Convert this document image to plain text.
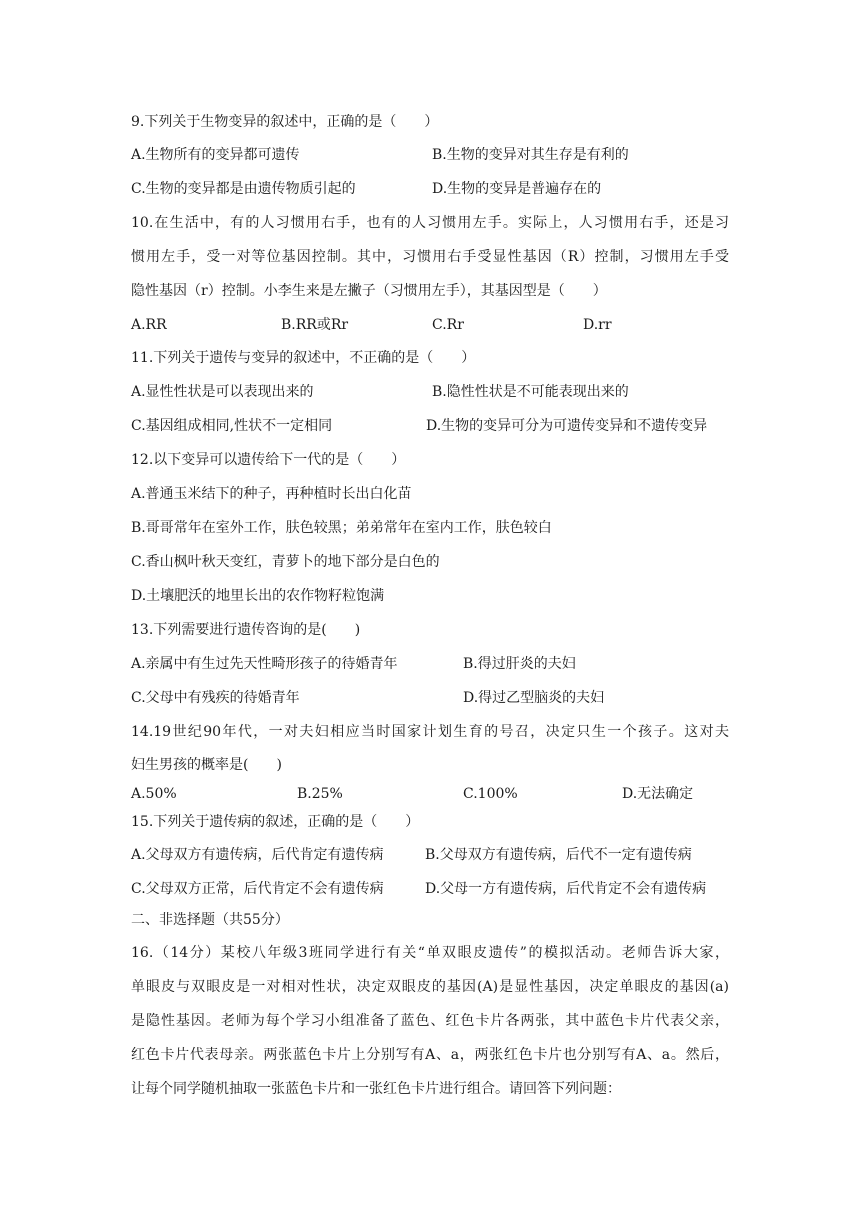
9.下列关于生物变异的叙述中，正确的是（　　）
A.生物所有的变异都可遗传	B.生物的变异对其生存是有利的
C.生物的变异都是由遗传物质引起的	D.生物的变异是普遍存在的
10.在生活中，有的人习惯用右手，也有的人习惯用左手。实际上，人习惯用右手，还是习
惯用左手，受一对等位基因控制。其中，习惯用右手受显性基因（R）控制，习惯用左手受
隐性基因（r）控制。小李生来是左撇子（习惯用左手），其基因型是（　　）
A.RR	B.RR或Rr	C.Rr	D.rr
11.下列关于遗传与变异的叙述中，不正确的是（　　）
A.显性性状是可以表现出来的	B.隐性性状是不可能表现出来的
C.基因组成相同,性状不一定相同	D.生物的变异可分为可遗传变异和不遗传变异
12.以下变异可以遗传给下一代的是（　　）
A.普通玉米结下的种子，再种植时长出白化苗
B.哥哥常年在室外工作，肤色较黑；弟弟常年在室内工作，肤色较白
C.香山枫叶秋天变红，青萝卜的地下部分是白色的
D.土壤肥沃的地里长出的农作物籽粒饱满
13.下列需要进行遗传咨询的是(　　)
A.亲属中有生过先天性畸形孩子的待婚青年	B.得过肝炎的夫妇
C.父母中有残疾的待婚青年	D.得过乙型脑炎的夫妇
14.19世纪90年代，一对夫妇相应当时国家计划生育的号召，决定只生一个孩子。这对夫
妇生男孩的概率是(　　)
A.50%	B.25%	C.100%	D.无法确定
15.下列关于遗传病的叙述，正确的是（　　）
A.父母双方有遗传病，后代肯定有遗传病	B.父母双方有遗传病，后代不一定有遗传病
C.父母双方正常，后代肯定不会有遗传病	D.父母一方有遗传病，后代肯定不会有遗传病
二、非选择题（共55分）
16.（14分）某校八年级3班同学进行有关“单双眼皮遗传”的模拟活动。老师告诉大家，
单眼皮与双眼皮是一对相对性状，决定双眼皮的基因(A)是显性基因，决定单眼皮的基因(a)
是隐性基因。老师为每个学习小组准备了蓝色、红色卡片各两张，其中蓝色卡片代表父亲，
红色卡片代表母亲。两张蓝色卡片上分别写有A、a，两张红色卡片也分别写有A、a。然后，
让每个同学随机抽取一张蓝色卡片和一张红色卡片进行组合。请回答下列问题：
